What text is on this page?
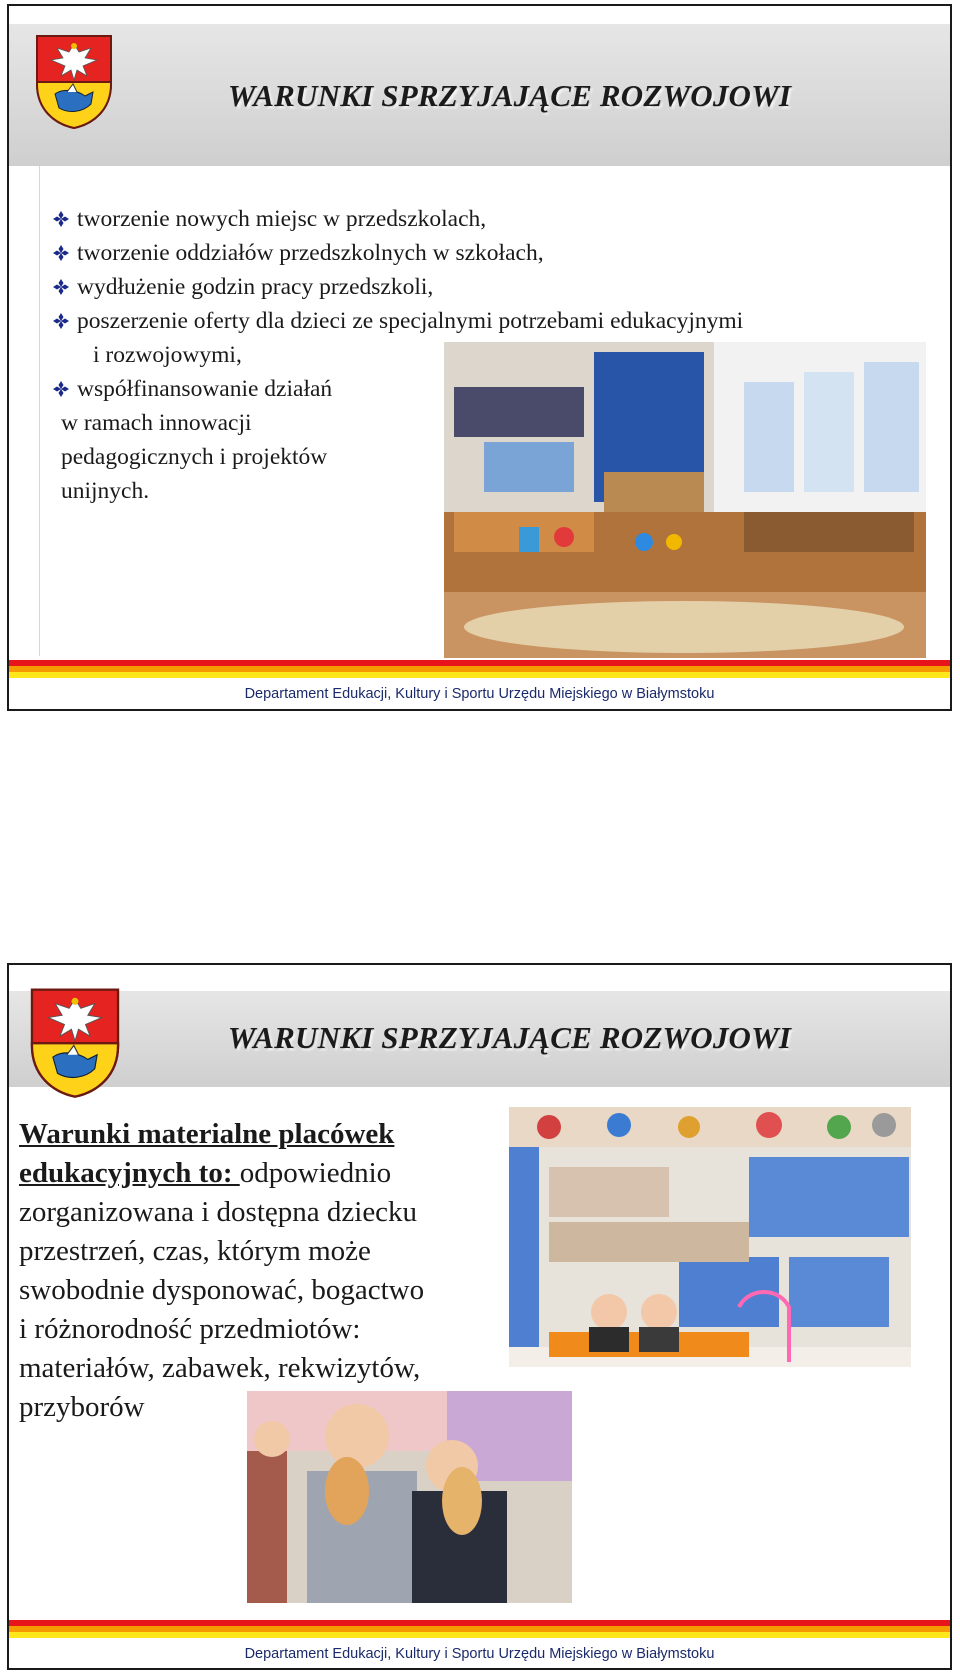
WARUNKI SPRZYJAJĄCE ROZWOJOWI
tworzenie nowych miejsc w przedszkolach,
tworzenie oddziałów przedszkolnych w szkołach,
wydłużenie godzin pracy przedszkoli,
poszerzenie oferty dla dzieci ze specjalnymi potrzebami edukacyjnymi
i rozwojowymi,
współfinansowanie działań
w ramach innowacji
pedagogicznych i projektów
unijnych.
Departament Edukacji, Kultury i Sportu Urzędu Miejskiego w Białymstoku
WARUNKI SPRZYJAJĄCE ROZWOJOWI
Warunki materialne placówek
edukacyjnych to: odpowiednio
zorganizowana i dostępna dziecku
przestrzeń, czas, którym może
swobodnie dysponować, bogactwo
i różnorodność przedmiotów:
materiałów, zabawek, rekwizytów,
przyborów
Departament Edukacji, Kultury i Sportu Urzędu Miejskiego w Białymstoku
